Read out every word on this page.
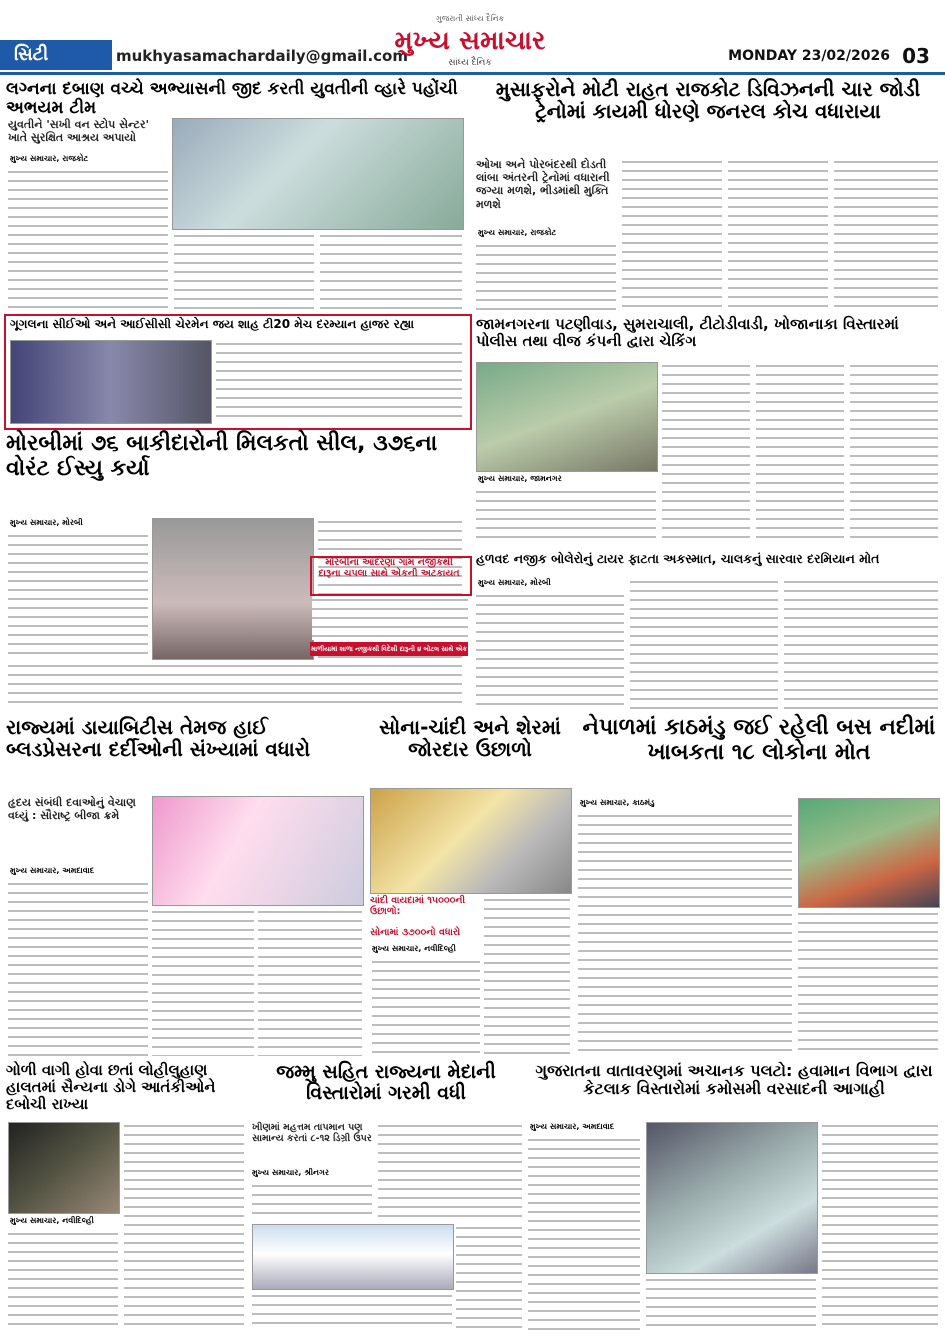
સિટી	mukhyasamachardaily@gmail.com
ગુજરાતી સાંધ્ય દૈનિક
મુખ્ય સમાચાર
સાંધ્ય દૈનિક	MONDAY 23/02/2026 03
લગ્નના દબાણ વચ્ચે અભ્યાસની જીદ કરતી યુવતીની વ્હારે પહોંચી અભયમ ટીમ
યુવતીને 'સખી વન સ્ટોપ સેન્ટર' ખાતે સુરક્ષિત આશ્રય અપાયો
મુખ્ય સમાચાર, રાજકોટ
મુસાફરોને મોટી રાહત રાજકોટ ડિવિઝનની ચાર જોડી ટ્રેનોમાં કાયમી ધોરણે જનરલ કોચ વધારાયા
ઓખા અને પોરબંદરથી દોડતી લાંબા અંતરની ટ્રેનોમાં વધારાની જગ્યા મળશે, ભીડમાંથી મુક્તિ મળશે
મુખ્ય સમાચાર, રાજકોટ
ગૂગલના સીઈઓ અને આઈસીસી ચેરમેન જય શાહ ટી20 મેચ દરમ્યાન હાજર રહ્યા	જામનગરના પટણીવાડ, સુમરાચાલી, ટીટોડીવાડી, ખોજાનાકા વિસ્તારમાં પોલીસ તથા વીજ કંપની દ્વારા ચેકિંગ
મુખ્ય સમાચાર, જામનગર
મોરબીમાં ૭૬ બાકીદારોની મિલકતો સીલ, ૩૭૬ના વોરંટ ઈસ્યુ કર્યા
મુખ્ય સમાચાર, મોરબી
મોરબીના આંદરણા ગામ નજીકથી દારૂના ચપલા સાથે એકની અટકાયત
માળીયામાં શાળા નજીકથી વિદેશી દારૂની ૪ બોટલ સાથે એક પકડાયો
હળવદ નજીક બોલેરોનું ટાયર ફાટતા અકસ્માત, ચાલકનું સારવાર દરમિયાન મોત
મુખ્ય સમાચાર, મોરબી
રાજ્યમાં ડાયાબિટીસ તેમજ હાઈ બ્લડપ્રેસરના દર્દીઓની સંખ્યામાં વધારો
હૃદય સંબંધી દવાઓનું વેચાણ વધ્યું : સૌરાષ્ટ્ર બીજા ક્રમે
મુખ્ય સમાચાર, અમદાવાદ
સોના-ચાંદી અને શેરમાં જોરદાર ઉછાળો
ચાંદી વાયદામાં ૧૫૦૦૦ની ઉછાળો:
સોનામાં ૩૭૦૦નો વધારો
મુખ્ય સમાચાર, નવીદિલ્હી
નેપાળમાં કાઠમંડુ જઈ રહેલી બસ નદીમાં ખાબકતા ૧૮ લોકોના મોત
મુખ્ય સમાચાર, કાઠમંડુ
ગોળી વાગી હોવા છતાં લોહીલુહાણ હાલતમાં સૈન્યના ડોગે આતંકીઓને દબોચી રાખ્યા
મુખ્ય સમાચાર, નવીદિલ્હી
જમ્મુ સહિત રાજ્યના મેદાની વિસ્તારોમાં ગરમી વધી
ખીણમાં મહત્તમ તાપમાન પણ સામાન્ય કરતાં ૮-૧૨ ડિગ્રી ઉપર
મુખ્ય સમાચાર, શ્રીનગર
ગુજરાતના વાતાવરણમાં અચાનક પલટો: હવામાન વિભાગ દ્વારા કેટલાક વિસ્તારોમાં કમોસમી વરસાદની આગાહી
મુખ્ય સમાચાર, અમદાવાદ
